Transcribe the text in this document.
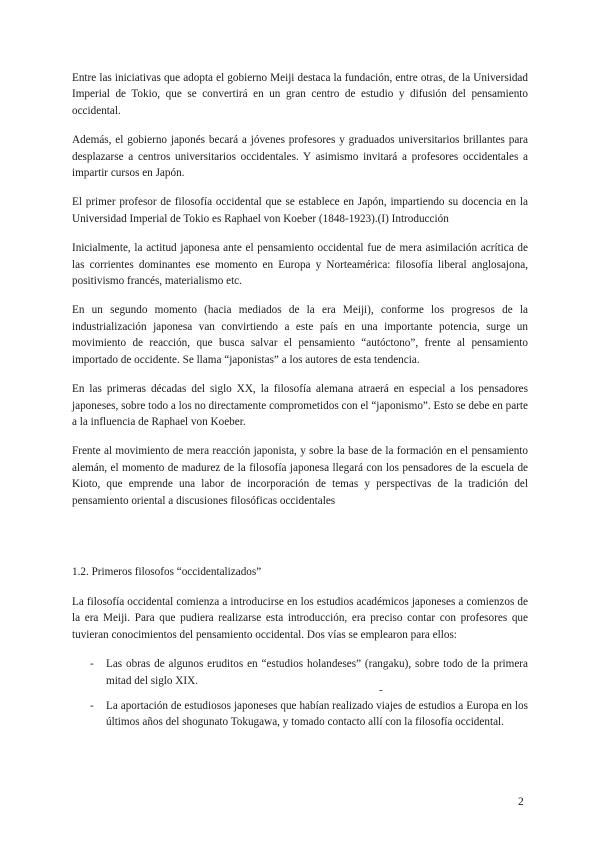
Entre las iniciativas que adopta el gobierno Meiji destaca la fundación, entre otras, de la Universidad Imperial de Tokio, que se convertirá en un gran centro de estudio y difusión del pensamiento occidental.

Además, el gobierno japonés becará a jóvenes profesores y graduados universitarios brillantes para desplazarse a centros universitarios occidentales. Y asimismo invitará a profesores occidentales a impartir cursos en Japón.

El primer profesor de filosofía occidental que se establece en Japón, impartiendo su docencia en la Universidad Imperial de Tokio es Raphael von Koeber (1848-1923).(I) Introducción

Inicialmente, la actitud japonesa ante el pensamiento occidental fue de mera asimilación acrítica de las corrientes dominantes ese momento en Europa y Norteamérica: filosofía liberal anglosajona, positivismo francés, materialismo etc.

En un segundo momento (hacia mediados de la era Meiji), conforme los progresos de la industrialización japonesa van convirtiendo a este país en una importante potencia, surge un movimiento de reacción, que busca salvar el pensamiento “autóctono”, frente al pensamiento importado de occidente. Se llama “japonistas” a los autores de esta tendencia.

En las primeras décadas del siglo XX, la filosofía alemana atraerá en especial a los pensadores japoneses, sobre todo a los no directamente comprometidos con el “japonismo”. Esto se debe en parte a la influencia de Raphael von Koeber.

Frente al movimiento de mera reacción japonista, y sobre la base de la formación en el pensamiento alemán, el momento de madurez de la filosofía japonesa llegará con los pensadores de la escuela de Kioto, que emprende una labor de incorporación de temas y perspectivas de la tradición del pensamiento oriental a discusiones filosóficas occidentales

1.2. Primeros filosofos “occidentalizados”

La filosofía occidental comienza a introducirse en los estudios académicos japoneses a comienzos de la era Meiji. Para que pudiera realizarse esta introducción, era preciso contar con profesores que tuvieran conocimientos del pensamiento occidental. Dos vías se emplearon para ellos:

- Las obras de algunos eruditos en “estudios holandeses” (rangaku), sobre todo de la primera mitad del siglo XIX.
- La aportación de estudiosos japoneses que habían realizado viajes de estudios a Europa en los últimos años del shogunato Tokugawa, y tomado contacto allí con la filosofía occidental.
-
2
